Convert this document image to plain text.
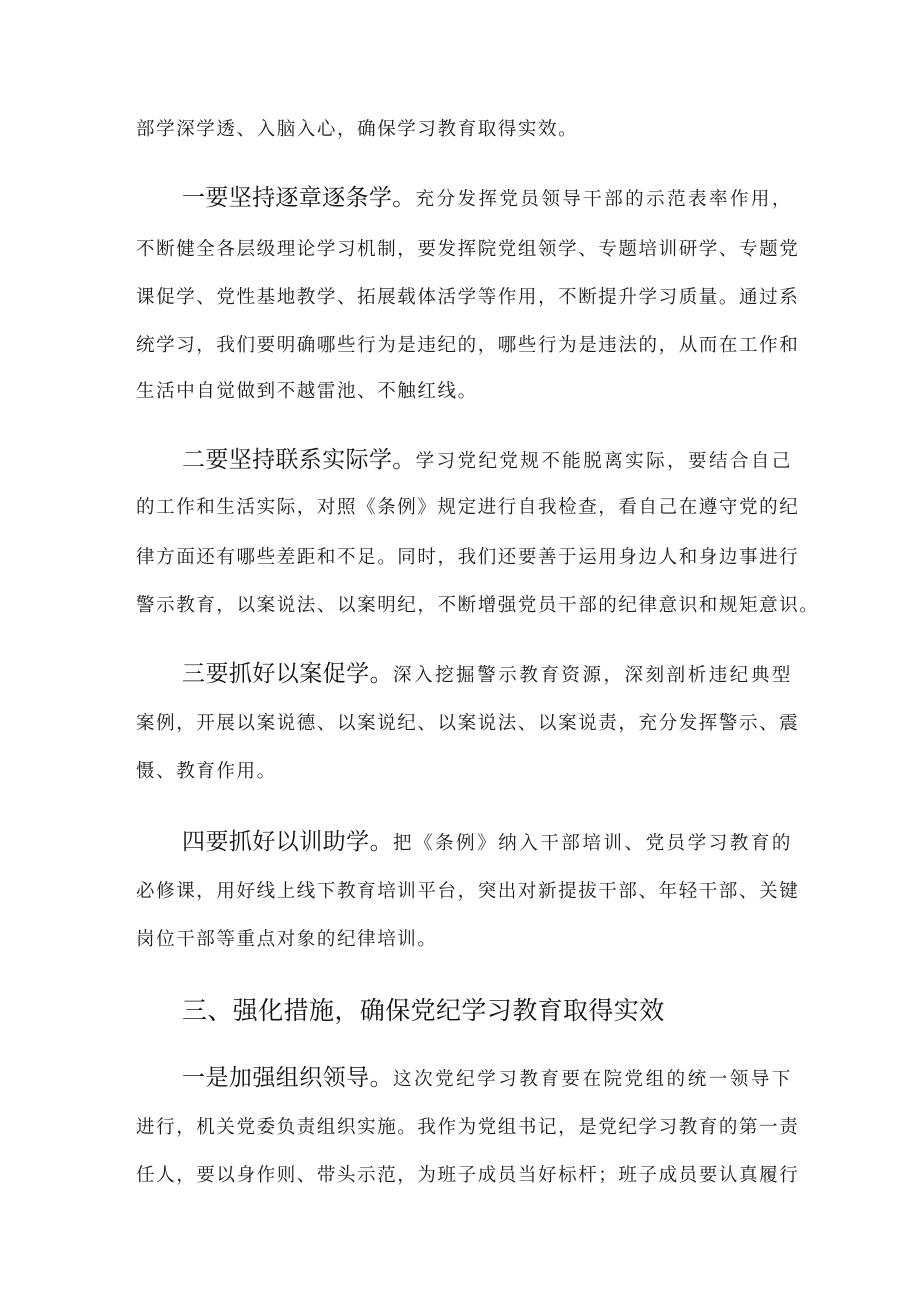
部学深学透、入脑入心，确保学习教育取得实效。
一要坚持逐章逐条学。充分发挥党员领导干部的示范表率作用，
不断健全各层级理论学习机制，要发挥院党组领学、专题培训研学、专题党
课促学、党性基地教学、拓展载体活学等作用，不断提升学习质量。通过系
统学习，我们要明确哪些行为是违纪的，哪些行为是违法的，从而在工作和
生活中自觉做到不越雷池、不触红线。
二要坚持联系实际学。学习党纪党规不能脱离实际，要结合自己
的工作和生活实际，对照《条例》规定进行自我检查，看自己在遵守党的纪
律方面还有哪些差距和不足。同时，我们还要善于运用身边人和身边事进行
警示教育，以案说法、以案明纪，不断增强党员干部的纪律意识和规矩意识。
三要抓好以案促学。深入挖掘警示教育资源，深刻剖析违纪典型
案例，开展以案说德、以案说纪、以案说法、以案说责，充分发挥警示、震
慑、教育作用。
四要抓好以训助学。把《条例》纳入干部培训、党员学习教育的
必修课，用好线上线下教育培训平台，突出对新提拔干部、年轻干部、关键
岗位干部等重点对象的纪律培训。
三、强化措施，确保党纪学习教育取得实效
一是加强组织领导。这次党纪学习教育要在院党组的统一领导下
进行，机关党委负责组织实施。我作为党组书记，是党纪学习教育的第一责
任人，要以身作则、带头示范，为班子成员当好标杆；班子成员要认真履行
